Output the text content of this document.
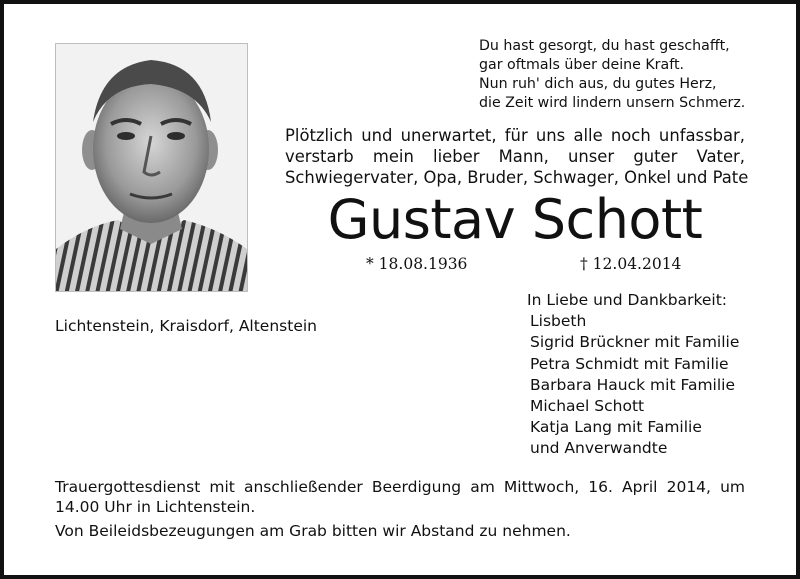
Du hast gesorgt, du hast geschafft,
gar oftmals über deine Kraft.
Nun ruh' dich aus, du gutes Herz,
die Zeit wird lindern unsern Schmerz.
Plötzlich und unerwartet, für uns alle noch unfassbar,
verstarb mein lieber Mann, unser guter Vater,
Schwiegervater, Opa, Bruder, Schwager, Onkel und Pate
Gustav Schott
* 18.08.1936	† 12.04.2014
Lichtenstein, Kraisdorf, Altenstein
In Liebe und Dankbarkeit:
Lisbeth
Sigrid Brückner mit Familie
Petra Schmidt mit Familie
Barbara Hauck mit Familie
Michael Schott
Katja Lang mit Familie
und Anverwandte
Trauergottesdienst mit anschließender Beerdigung am Mittwoch, 16. April 2014, um
14.00 Uhr in Lichtenstein.
Von Beileidsbezeugungen am Grab bitten wir Abstand zu nehmen.
